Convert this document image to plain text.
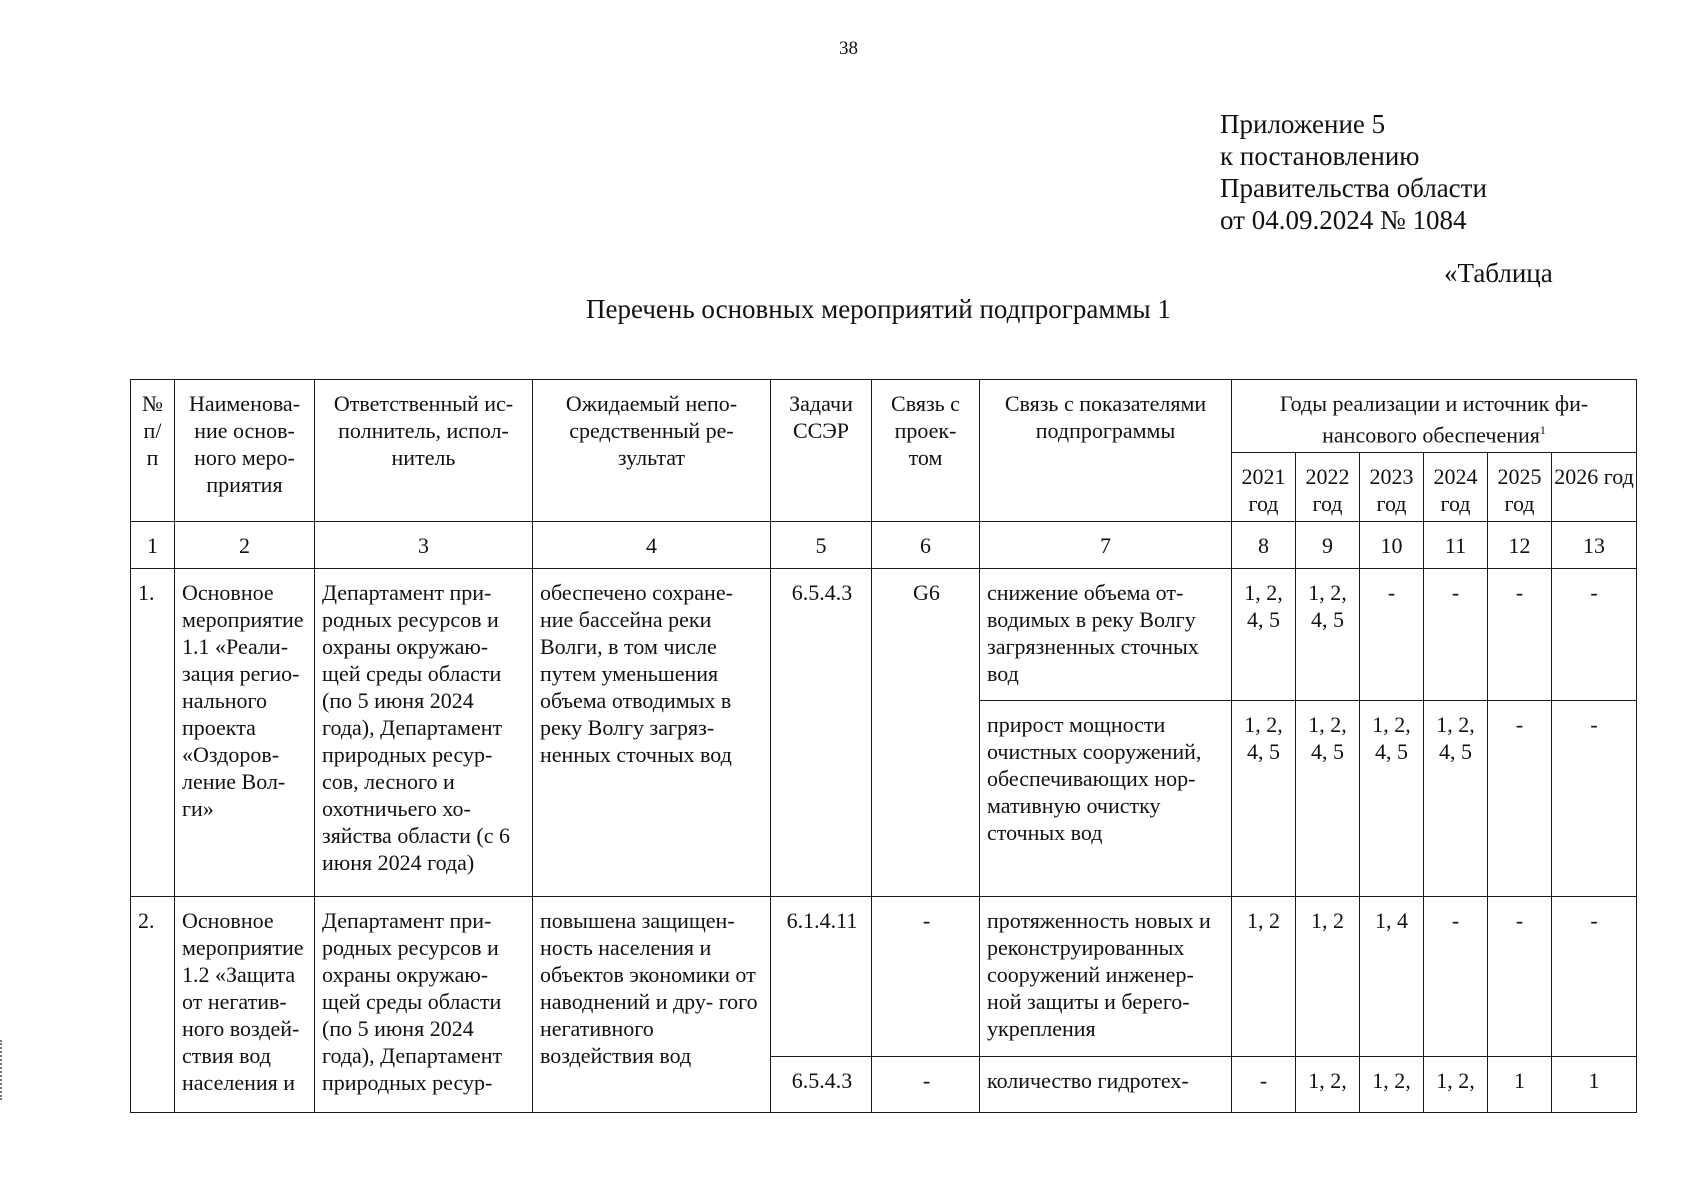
38
Приложение 5
к постановлению
Правительства области
от 04.09.2024 № 1084
«Таблица
Перечень основных мероприятий подпрограммы 1
№ п/ п	Наименова- ние основ- ного меро- приятия	Ответственный ис- полнитель, испол- нитель	Ожидаемый непо- средственный ре- зультат	Задачи ССЭР	Связь с проек- том	Связь с показателями подпрограммы	Годы реализации и источник фи- нансового обеспечения$^1$
							2021 год	2022 год	2023 год	2024 год	2025 год	2026 год
1	2	3	4	5	6	7	8	9	10	11	12	13
1.	Основное мероприятие 1.1 «Реали- зация регио- нального проекта «Оздоров- ление Вол- ги»	Департамент при- родных ресурсов и охраны окружаю- щей среды области (по 5 июня 2024 года), Департамент природных ресур- сов, лесного и охотничьего хо- зяйства области (с 6 июня 2024 года)	обеспечено сохране- ние бассейна реки Волги, в том числе путем уменьшения объема отводимых в реку Волгу загряз- ненных сточных вод	6.5.4.3	G6	снижение объема от- водимых в реку Волгу загрязненных сточных вод	1, 2, 4, 5	1, 2, 4, 5	-	-	-	-
						прирост мощности очистных сооружений, обеспечивающих нор- мативную очистку сточных вод	1, 2, 4, 5	1, 2, 4, 5	1, 2, 4, 5	1, 2, 4, 5	-	-
2.	Основное мероприятие 1.2 «Защита от негатив- ного воздей- ствия вод населения и	Департамент при- родных ресурсов и охраны окружаю- щей среды области (по 5 июня 2024 года), Департамент природных ресур-	повышена защищен- ность населения и объектов экономики от наводнений и дру- гого негативного воздействия вод	6.1.4.11	-	протяженность новых и реконструированных сооружений инженер- ной защиты и берего- укрепления	1, 2	1, 2	1, 4	-	-	-
				6.5.4.3	-	количество гидротех-	-	1, 2,	1, 2,	1, 2,	1	1
